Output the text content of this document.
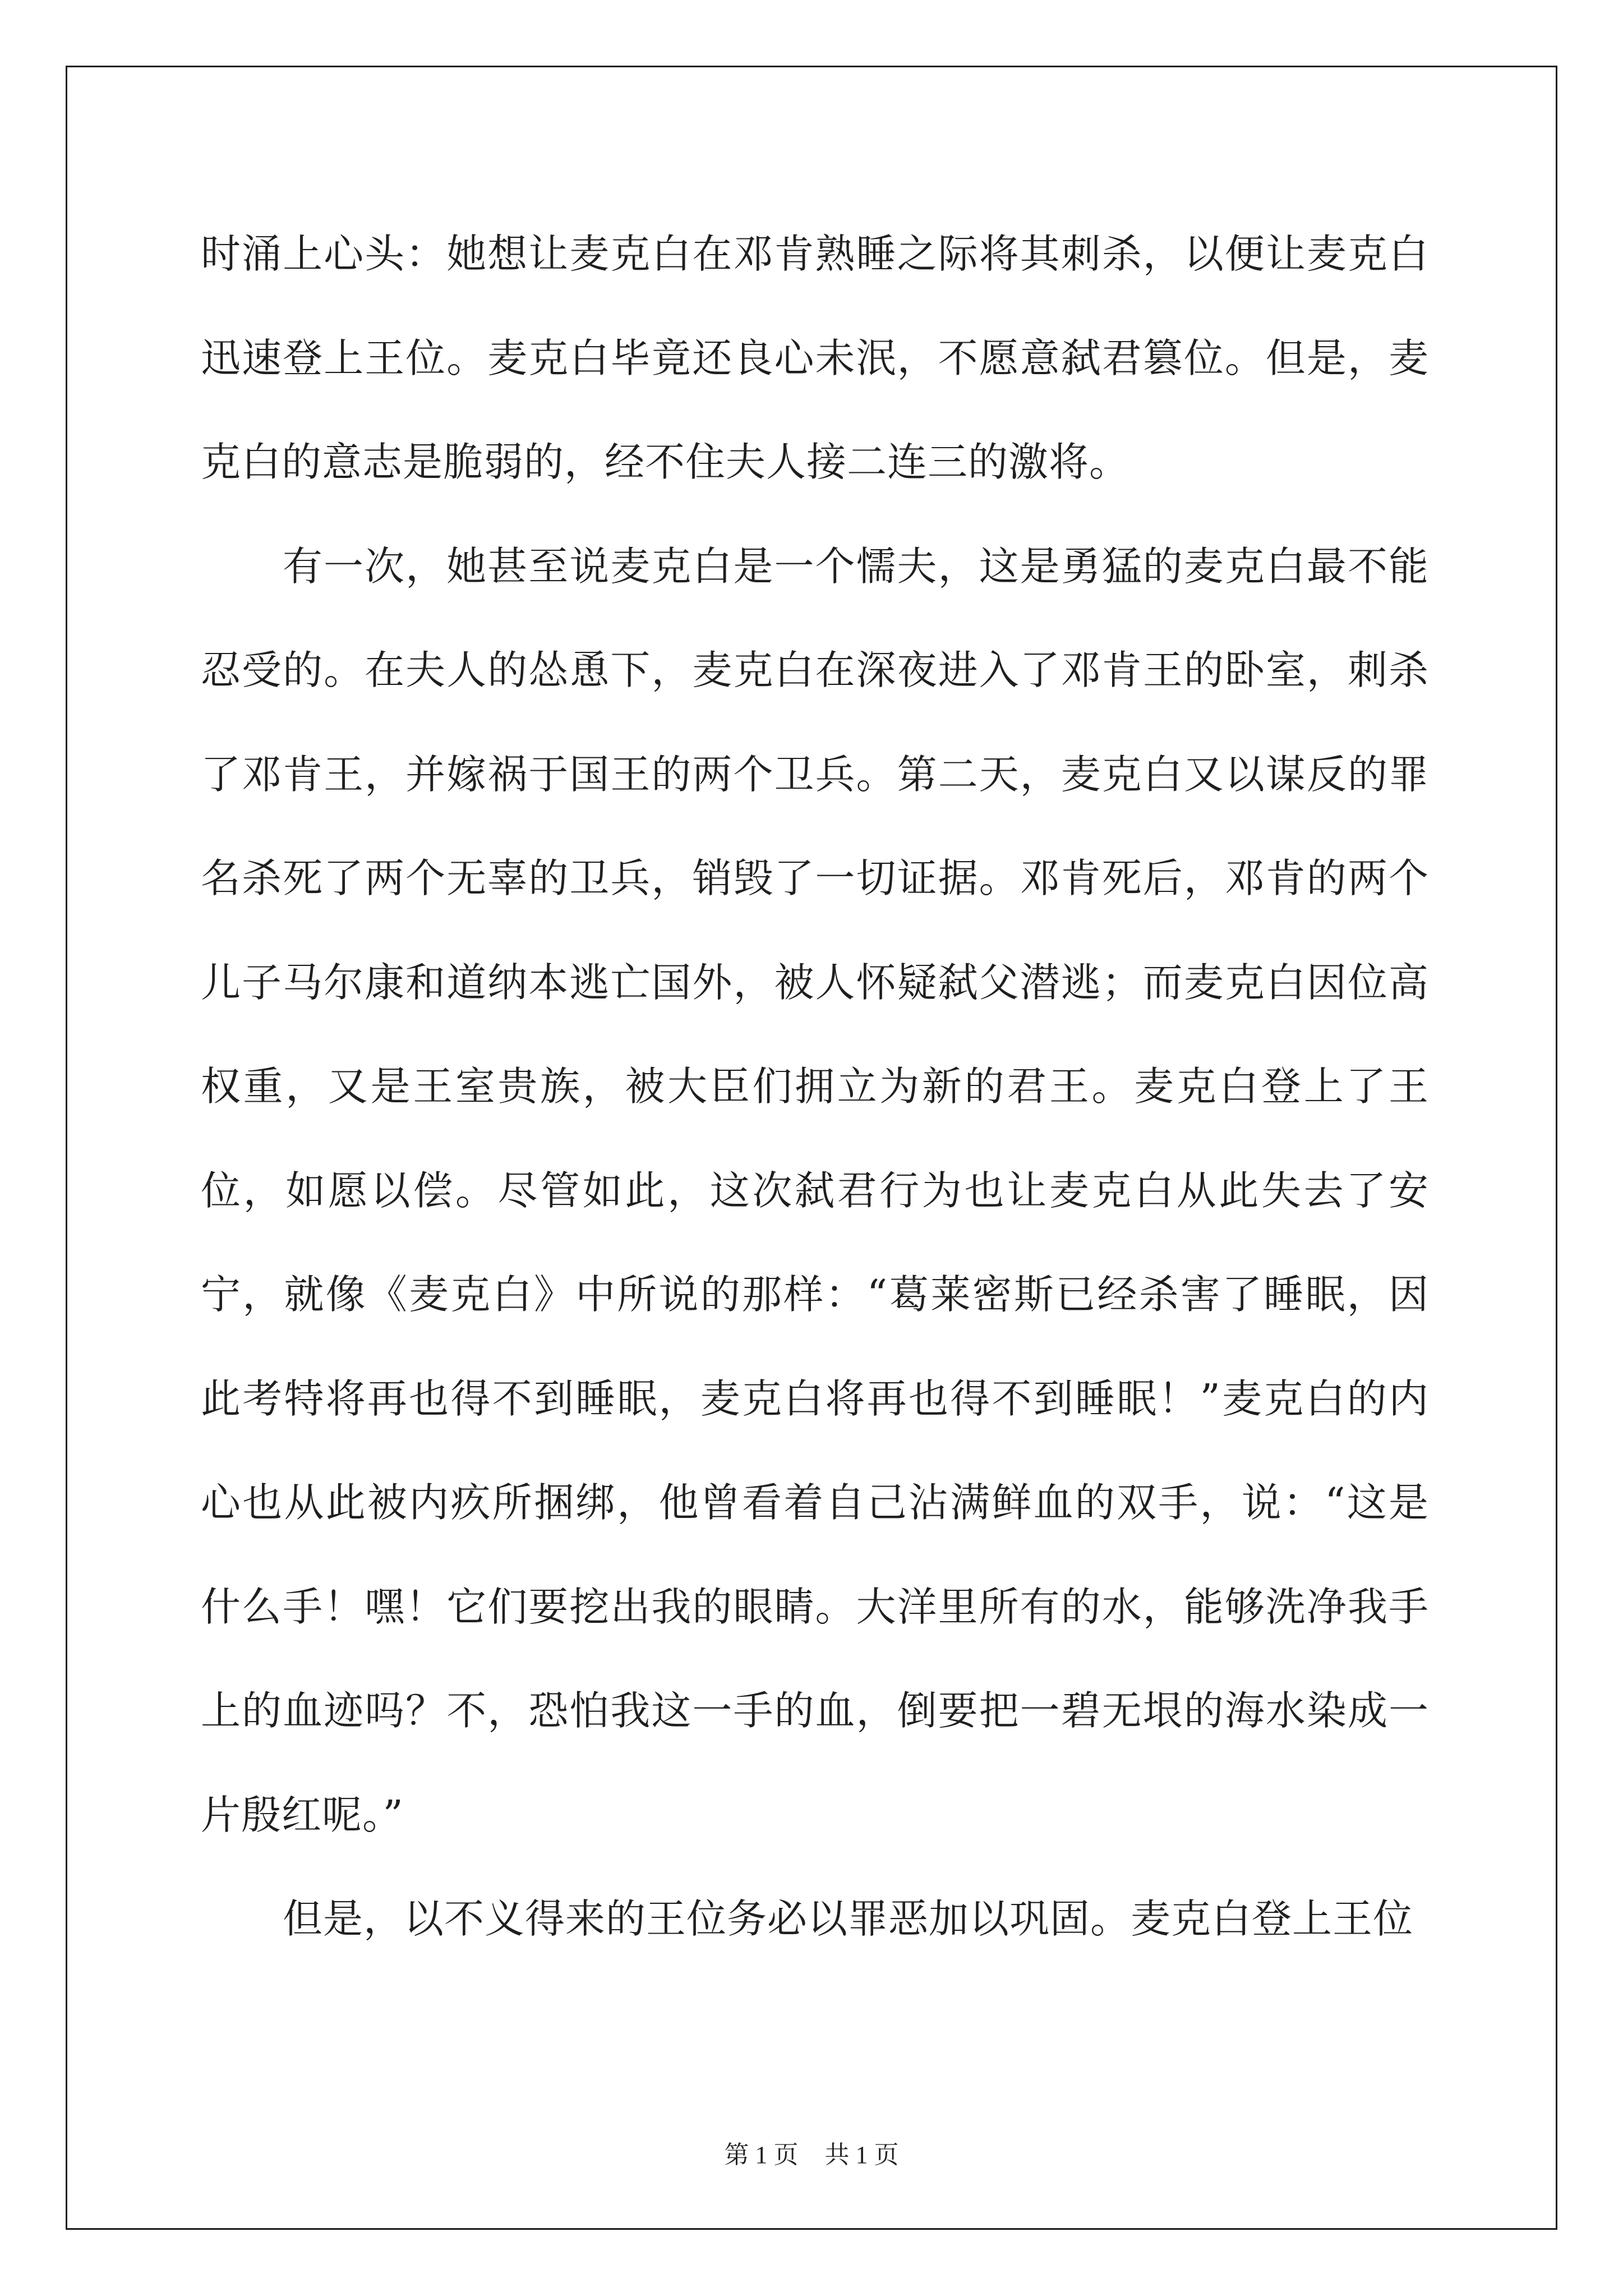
时涌上心头：她想让麦克白在邓肯熟睡之际将其刺杀，以便让麦克白迅速登上王位。麦克白毕竟还良心未泯，不愿意弑君篡位。但是，麦克白的意志是脆弱的，经不住夫人接二连三的激将。

有一次，她甚至说麦克白是一个懦夫，这是勇猛的麦克白最不能忍受的。在夫人的怂恿下，麦克白在深夜进入了邓肯王的卧室，刺杀了邓肯王，并嫁祸于国王的两个卫兵。第二天，麦克白又以谋反的罪名杀死了两个无辜的卫兵，销毁了一切证据。邓肯死后，邓肯的两个儿子马尔康和道纳本逃亡国外，被人怀疑弑父潜逃；而麦克白因位高权重，又是王室贵族，被大臣们拥立为新的君王。麦克白登上了王位，如愿以偿。尽管如此，这次弑君行为也让麦克白从此失去了安宁，就像《麦克白》中所说的那样：“葛莱密斯已经杀害了睡眠，因此考特将再也得不到睡眠，麦克白将再也得不到睡眠！”麦克白的内心也从此被内疚所捆绑，他曾看着自己沾满鲜血的双手，说：“这是什么手！嘿！它们要挖出我的眼睛。大洋里所有的水，能够洗净我手上的血迹吗？不，恐怕我这一手的血，倒要把一碧无垠的海水染成一片殷红呢。”

但是，以不义得来的王位务必以罪恶加以巩固。麦克白登上王位

第 1 页 共 1 页
